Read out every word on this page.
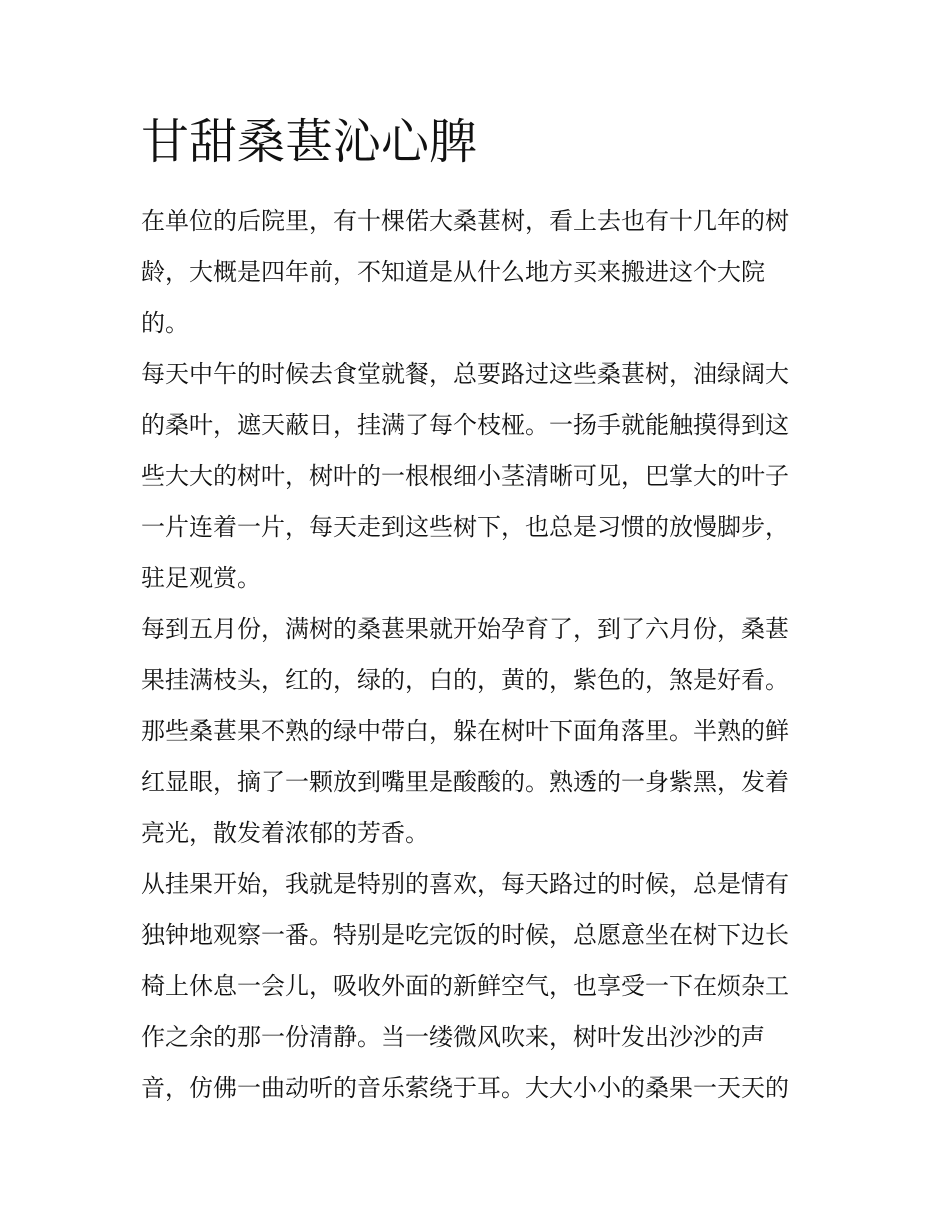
甘甜桑葚沁心脾

在单位的后院里，有十棵偌大桑葚树，看上去也有十几年的树
龄，大概是四年前，不知道是从什么地方买来搬进这个大院
的。

每天中午的时候去食堂就餐，总要路过这些桑葚树，油绿阔大
的桑叶，遮天蔽日，挂满了每个枝桠。一扬手就能触摸得到这
些大大的树叶，树叶的一根根细小茎清晰可见，巴掌大的叶子
一片连着一片，每天走到这些树下，也总是习惯的放慢脚步，
驻足观赏。

每到五月份，满树的桑葚果就开始孕育了，到了六月份，桑葚
果挂满枝头，红的，绿的，白的，黄的，紫色的，煞是好看。
那些桑葚果不熟的绿中带白，躲在树叶下面角落里。半熟的鲜
红显眼，摘了一颗放到嘴里是酸酸的。熟透的一身紫黑，发着
亮光，散发着浓郁的芳香。

从挂果开始，我就是特别的喜欢，每天路过的时候，总是情有
独钟地观察一番。特别是吃完饭的时候，总愿意坐在树下边长
椅上休息一会儿，吸收外面的新鲜空气，也享受一下在烦杂工
作之余的那一份清静。当一缕微风吹来，树叶发出沙沙的声
音，仿佛一曲动听的音乐萦绕于耳。大大小小的桑果一天天的
